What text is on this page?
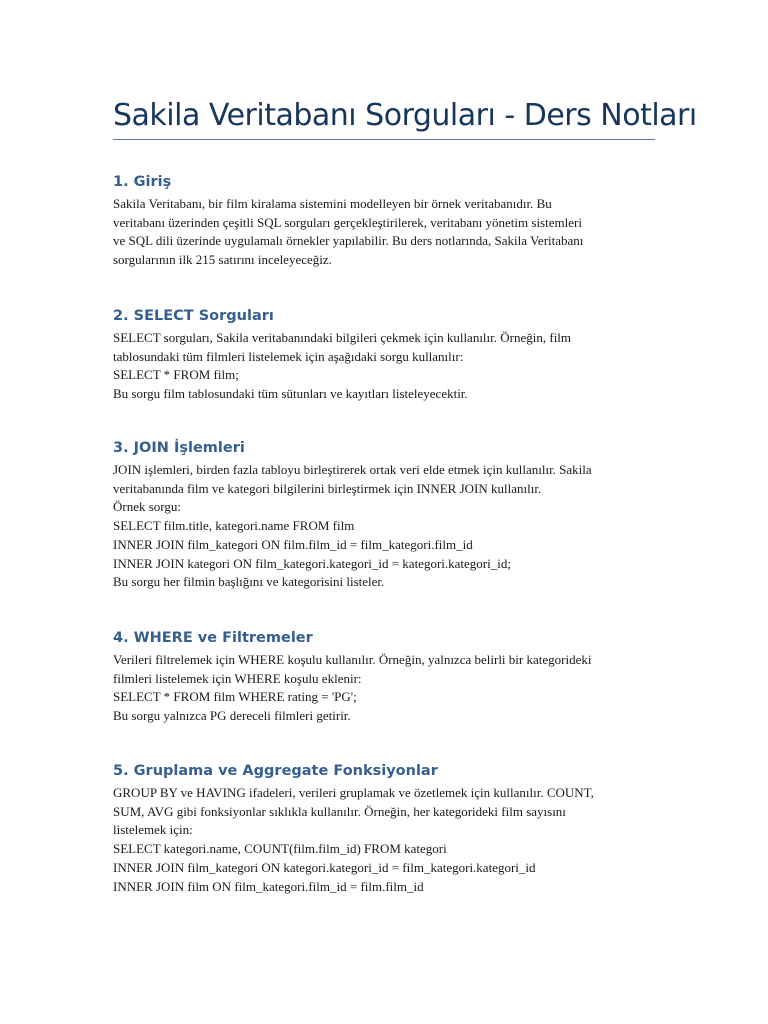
Sakila Veritabanı Sorguları - Ders Notları
1. Giriş
Sakila Veritabanı, bir film kiralama sistemini modelleyen bir örnek veritabanıdır. Bu
veritabanı üzerinden çeşitli SQL sorguları gerçekleştirilerek, veritabanı yönetim sistemleri
ve SQL dili üzerinde uygulamalı örnekler yapılabilir. Bu ders notlarında, Sakila Veritabanı
sorgularının ilk 215 satırını inceleyeceğiz.
2. SELECT Sorguları
SELECT sorguları, Sakila veritabanındaki bilgileri çekmek için kullanılır. Örneğin, film
tablosundaki tüm filmleri listelemek için aşağıdaki sorgu kullanılır:
SELECT * FROM film;
Bu sorgu film tablosundaki tüm sütunları ve kayıtları listeleyecektir.
3. JOIN İşlemleri
JOIN işlemleri, birden fazla tabloyu birleştirerek ortak veri elde etmek için kullanılır. Sakila
veritabanında film ve kategori bilgilerini birleştirmek için INNER JOIN kullanılır.
Örnek sorgu:
SELECT film.title, kategori.name FROM film
INNER JOIN film_kategori ON film.film_id = film_kategori.film_id
INNER JOIN kategori ON film_kategori.kategori_id = kategori.kategori_id;
Bu sorgu her filmin başlığını ve kategorisini listeler.
4. WHERE ve Filtremeler
Verileri filtrelemek için WHERE koşulu kullanılır. Örneğin, yalnızca belirli bir kategorideki
filmleri listelemek için WHERE koşulu eklenir:
SELECT * FROM film WHERE rating = 'PG';
Bu sorgu yalnızca PG dereceli filmleri getirir.
5. Gruplama ve Aggregate Fonksiyonlar
GROUP BY ve HAVING ifadeleri, verileri gruplamak ve özetlemek için kullanılır. COUNT,
SUM, AVG gibi fonksiyonlar sıklıkla kullanılır. Örneğin, her kategorideki film sayısını
listelemek için:
SELECT kategori.name, COUNT(film.film_id) FROM kategori
INNER JOIN film_kategori ON kategori.kategori_id = film_kategori.kategori_id
INNER JOIN film ON film_kategori.film_id = film.film_id
